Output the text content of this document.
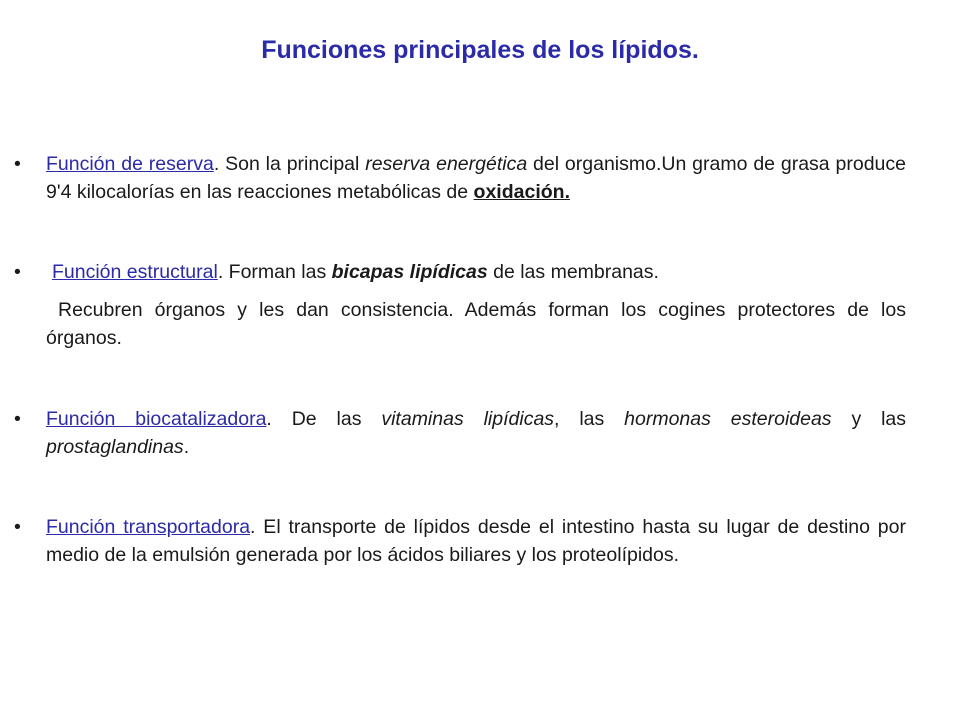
Funciones principales de los lípidos.
• Función de reserva. Son la principal reserva energética del organismo.Un gramo de grasa produce 9'4 kilocalorías en las reacciones metabólicas de oxidación.
• Función estructural. Forman las bicapas lipídicas de las membranas.
Recubren órganos y les dan consistencia. Además forman los cogines protectores de los órganos.
• Función biocatalizadora. De las vitaminas lipídicas, las hormonas esteroideas y las prostaglandinas.
• Función transportadora. El transporte de lípidos desde el intestino hasta su lugar de destino por medio de la emulsión generada por los ácidos biliares y los proteolípidos.
